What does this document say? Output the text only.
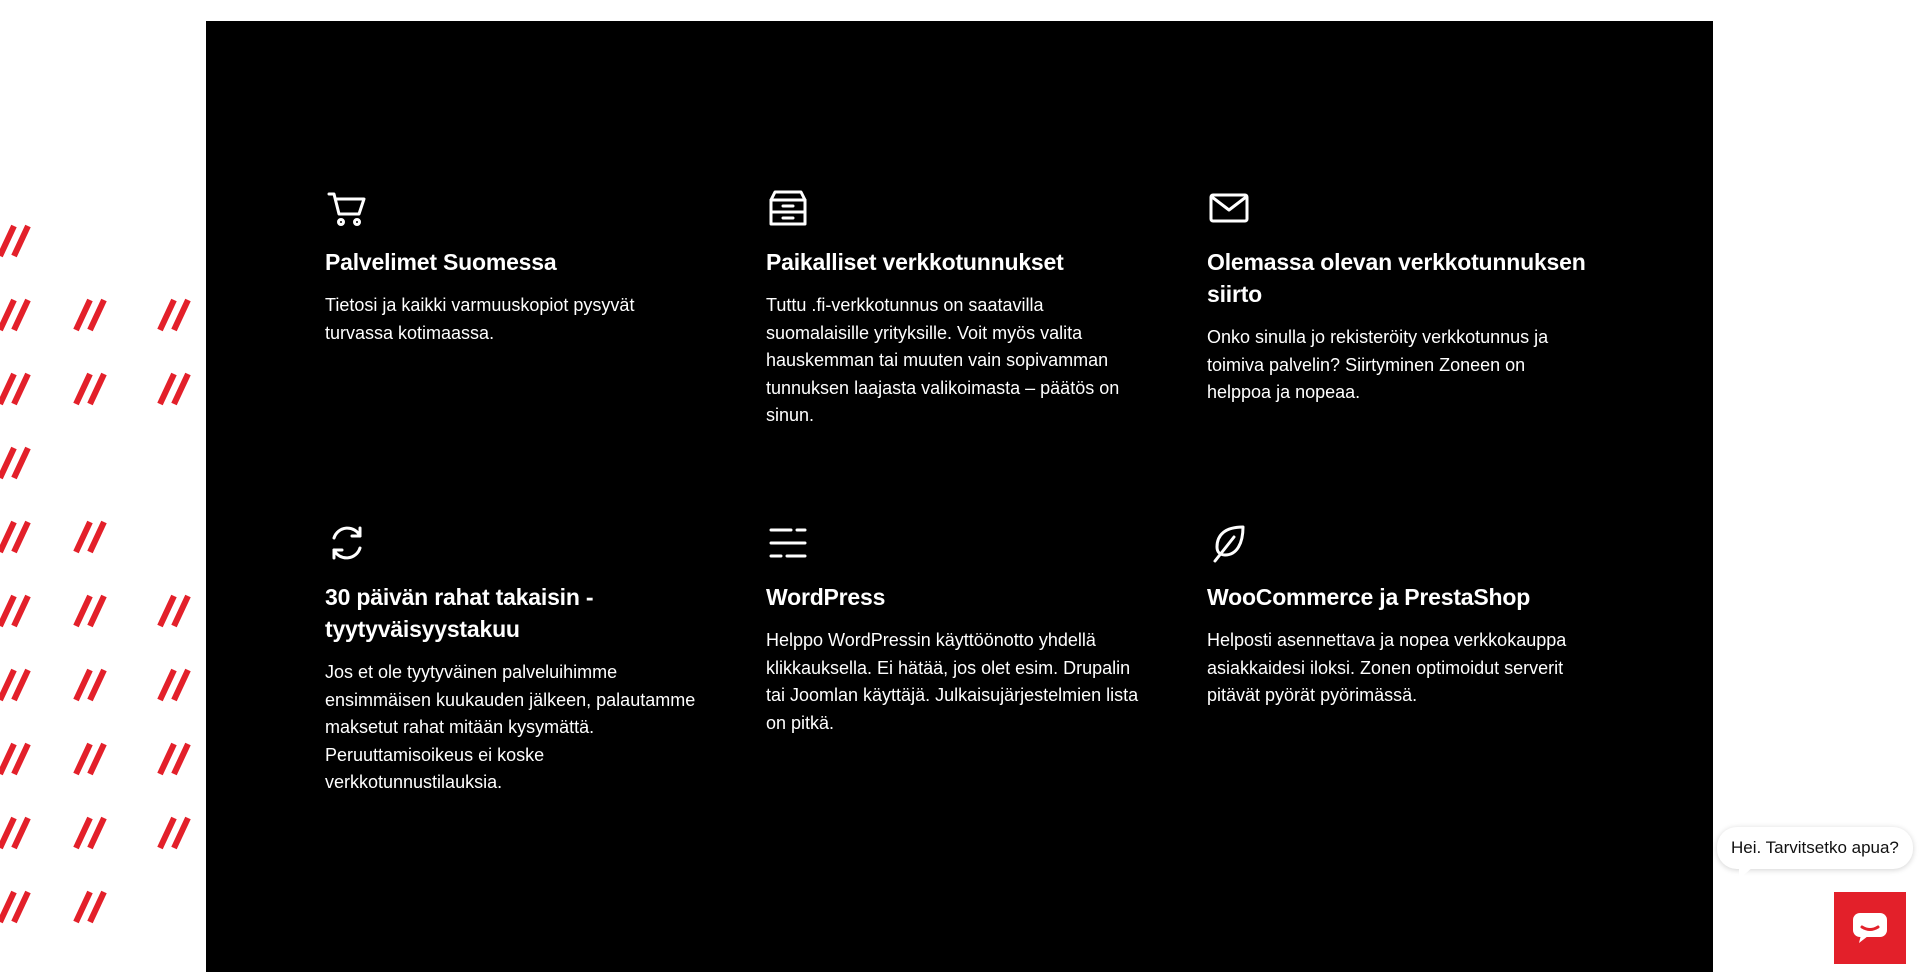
Palvelimet Suomessa

Tietosi ja kaikki varmuuskopiot pysyvät turvassa kotimaassa.

Paikalliset verkkotunnukset

Tuttu .fi-verkkotunnus on saatavilla suomalaisille yrityksille. Voit myös valita hauskemman tai muuten vain sopivamman tunnuksen laajasta valikoimasta – päätös on sinun.

Olemassa olevan verkkotunnuksen siirto

Onko sinulla jo rekisteröity verkkotunnus ja toimiva palvelin? Siirtyminen Zoneen on helppoa ja nopeaa.

30 päivän rahat takaisin -tyytyväisyystakuu

Jos et ole tyytyväinen palveluihimme ensimmäisen kuukauden jälkeen, palautamme maksetut rahat mitään kysymättä. Peruuttamisoikeus ei koske verkkotunnustilauksia.

WordPress

Helppo WordPressin käyttöönotto yhdellä klikkauksella. Ei hätää, jos olet esim. Drupalin tai Joomlan käyttäjä. Julkaisujärjestelmien lista on pitkä.

WooCommerce ja PrestaShop

Helposti asennettava ja nopea verkkokauppa asiakkaidesi iloksi. Zonen optimoidut serverit pitävät pyörät pyörimässä.

Hei. Tarvitsetko apua?
